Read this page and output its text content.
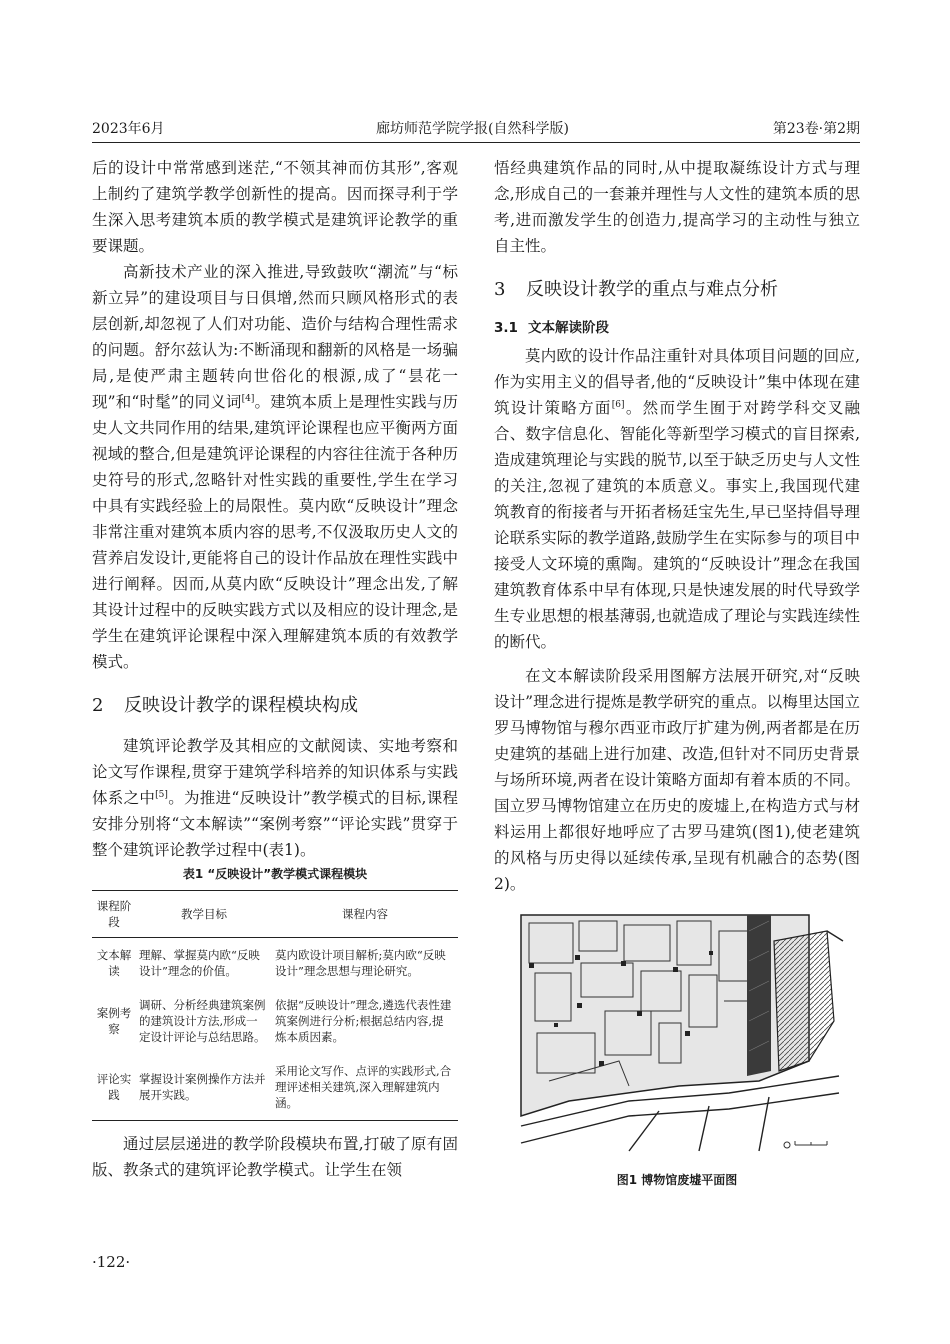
2023年6月	廊坊师范学院学报(自然科学版)	第23卷·第2期

后的设计中常常感到迷茫,“不领其神而仿其形”,客观上制约了建筑学教学创新性的提高。因而探寻利于学生深入思考建筑本质的教学模式是建筑评论教学的重要课题。

高新技术产业的深入推进,导致鼓吹“潮流”与“标新立异”的建设项目与日俱增,然而只顾风格形式的表层创新,却忽视了人们对功能、造价与结构合理性需求的问题。舒尔兹认为:不断涌现和翻新的风格是一场骗局,是使严肃主题转向世俗化的根源,成了“昙花一现”和“时髦”的同义词[4]。建筑本质上是理性实践与历史人文共同作用的结果,建筑评论课程也应平衡两方面视域的整合,但是建筑评论课程的内容往往流于各种历史符号的形式,忽略针对性实践的重要性,学生在学习中具有实践经验上的局限性。莫内欧“反映设计”理念非常注重对建筑本质内容的思考,不仅汲取历史人文的营养启发设计,更能将自己的设计作品放在理性实践中进行阐释。因而,从莫内欧“反映设计”理念出发,了解其设计过程中的反映实践方式以及相应的设计理念,是学生在建筑评论课程中深入理解建筑本质的有效教学模式。

2 反映设计教学的课程模块构成

建筑评论教学及其相应的文献阅读、实地考察和论文写作课程,贯穿于建筑学科培养的知识体系与实践体系之中[5]。为推进“反映设计”教学模式的目标,课程安排分别将“文本解读”“案例考察”“评论实践”贯穿于整个建筑评论教学过程中(表1)。

表1 “反映设计”教学模式课程模块
课程阶段	教学目标	课程内容
文本解读	理解、掌握莫内欧“反映设计”理念的价值。	莫内欧设计项目解析;莫内欧“反映设计”理念思想与理论研究。
案例考察	调研、分析经典建筑案例的建筑设计方法,形成一定设计评论与总结思路。	依据“反映设计”理念,遴选代表性建筑案例进行分析;根据总结内容,提炼本质因素。
评论实践	掌握设计案例操作方法并展开实践。	采用论文写作、点评的实践形式,合理评述相关建筑,深入理解建筑内涵。

通过层层递进的教学阶段模块布置,打破了原有固版、教条式的建筑评论教学模式。让学生在领

悟经典建筑作品的同时,从中提取凝练设计方式与理念,形成自己的一套兼并理性与人文性的建筑本质的思考,进而激发学生的创造力,提高学习的主动性与独立自主性。

3 反映设计教学的重点与难点分析
3.1 文本解读阶段

莫内欧的设计作品注重针对具体项目问题的回应,作为实用主义的倡导者,他的“反映设计”集中体现在建筑设计策略方面[6]。然而学生囿于对跨学科交叉融合、数字信息化、智能化等新型学习模式的盲目探索,造成建筑理论与实践的脱节,以至于缺乏历史与人文性的关注,忽视了建筑的本质意义。事实上,我国现代建筑教育的衔接者与开拓者杨廷宝先生,早已坚持倡导理论联系实际的教学道路,鼓励学生在实际参与的项目中接受人文环境的熏陶。建筑的“反映设计”理念在我国建筑教育体系中早有体现,只是快速发展的时代导致学生专业思想的根基薄弱,也就造成了理论与实践连续性的断代。

在文本解读阶段采用图解方法展开研究,对“反映设计”理念进行提炼是教学研究的重点。以梅里达国立罗马博物馆与穆尔西亚市政厅扩建为例,两者都是在历史建筑的基础上进行加建、改造,但针对不同历史背景与场所环境,两者在设计策略方面却有着本质的不同。国立罗马博物馆建立在历史的废墟上,在构造方式与材料运用上都很好地呼应了古罗马建筑(图1),使老建筑的风格与历史得以延续传承,呈现有机融合的态势(图2)。

图1 博物馆废墟平面图
·122·
